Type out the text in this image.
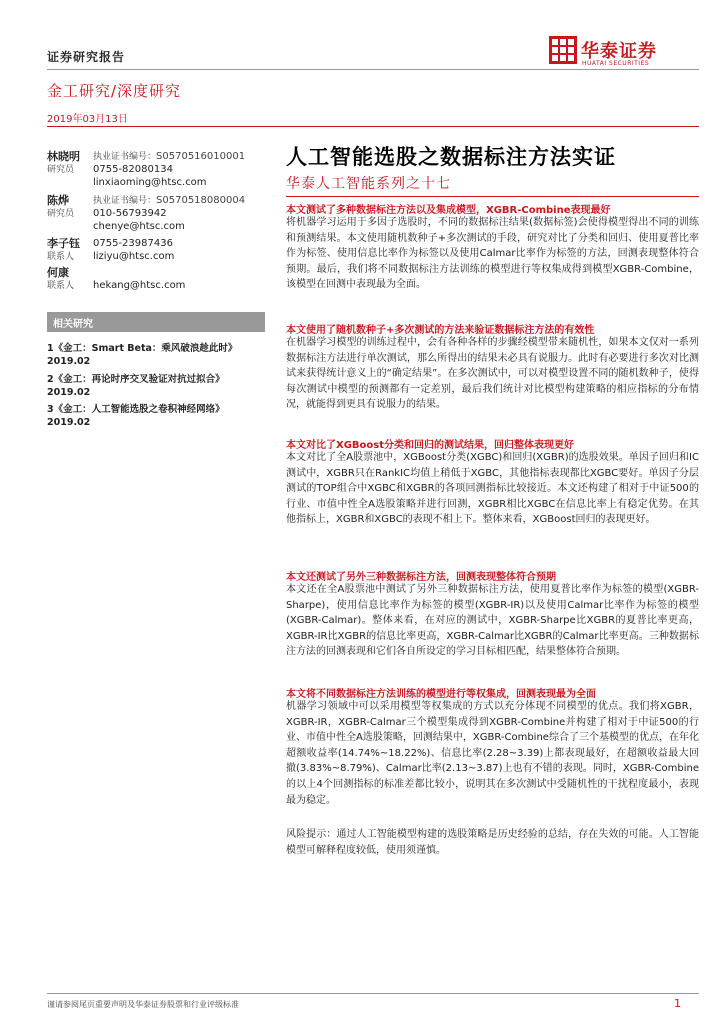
证券研究报告	华泰证券
HUATAI SECURITIES
金工研究/深度研究
2019年03月13日
林晓明
研究员
执业证书编号：S0570516010001
0755-82080134
linxiaoming@htsc.com
陈烨
研究员
执业证书编号：S0570518080004
010-56793942
chenye@htsc.com
李子钰
联系人
0755-23987436
liziyu@htsc.com
何康
联系人 hekang@htsc.com
相关研究
1《金工：Smart Beta：乘风破浪趁此时》
2019.02
2《金工：再论时序交叉验证对抗过拟合》
2019.02
3《金工：人工智能选股之卷积神经网络》
2019.02
人工智能选股之数据标注方法实证
华泰人工智能系列之十七
本文测试了多种数据标注方法以及集成模型，XGBR-Combine表现最好
将机器学习运用于多因子选股时，不同的数据标注结果(数据标签)会使得模型得出不同的训练和预测结果。本文使用随机数种子+多次测试的手段，研究对比了分类和回归、使用夏普比率作为标签、使用信息比率作为标签以及使用Calmar比率作为标签的方法，回测表现整体符合预期。最后，我们将不同数据标注方法训练的模型进行等权集成得到模型XGBR-Combine，该模型在回测中表现最为全面。
本文使用了随机数种子+多次测试的方法来验证数据标注方法的有效性
在机器学习模型的训练过程中，会有各种各样的步骤经模型带来随机性，如果本文仅对一系列数据标注方法进行单次测试，那么所得出的结果未必具有说服力。此时有必要进行多次对比测试来获得统计意义上的“确定结果”。在多次测试中，可以对模型设置不同的随机数种子，使得每次测试中模型的预测都有一定差别，最后我们统计对比模型构建策略的相应指标的分布情况，就能得到更具有说服力的结果。
本文对比了XGBoost分类和回归的测试结果，回归整体表现更好
本文对比了全A股票池中，XGBoost分类(XGBC)和回归(XGBR)的选股效果。单因子回归和IC测试中，XGBR只在RankIC均值上稍低于XGBC，其他指标表现都比XGBC要好。单因子分层测试的TOP组合中XGBC和XGBR的各项回测指标比较接近。本文还构建了相对于中证500的行业、市值中性全A选股策略并进行回测，XGBR相比XGBC在信息比率上有稳定优势。在其他指标上，XGBR和XGBC的表现不相上下。整体来看，XGBoost回归的表现更好。
本文还测试了另外三种数据标注方法，回测表现整体符合预期
本文还在全A股票池中测试了另外三种数据标注方法，使用夏普比率作为标签的模型(XGBR-Sharpe)，使用信息比率作为标签的模型(XGBR-IR)以及使用Calmar比率作为标签的模型(XGBR-Calmar)。整体来看，在对应的测试中，XGBR-Sharpe比XGBR的夏普比率更高，XGBR-IR比XGBR的信息比率更高，XGBR-Calmar比XGBR的Calmar比率更高。三种数据标注方法的回测表现和它们各自所设定的学习目标相匹配，结果整体符合预期。
本文将不同数据标注方法训练的模型进行等权集成，回测表现最为全面
机器学习领域中可以采用模型等权集成的方式以充分体现不同模型的优点。我们将XGBR，XGBR-IR，XGBR-Calmar三个模型集成得到XGBR-Combine并构建了相对于中证500的行业、市值中性全A选股策略，回测结果中，XGBR-Combine综合了三个基模型的优点，在年化超额收益率(14.74%~18.22%)、信息比率(2.28~3.39)上都表现最好，在超额收益最大回撤(3.83%~8.79%)、Calmar比率(2.13~3.87)上也有不错的表现。同时，XGBR-Combine的以上4个回测指标的标准差都比较小，说明其在多次测试中受随机性的干扰程度最小，表现最为稳定。
风险提示：通过人工智能模型构建的选股策略是历史经验的总结，存在失效的可能。人工智能模型可解释程度较低，使用须谨慎。
谨请参阅尾页重要声明及华泰证券股票和行业评级标准	1
